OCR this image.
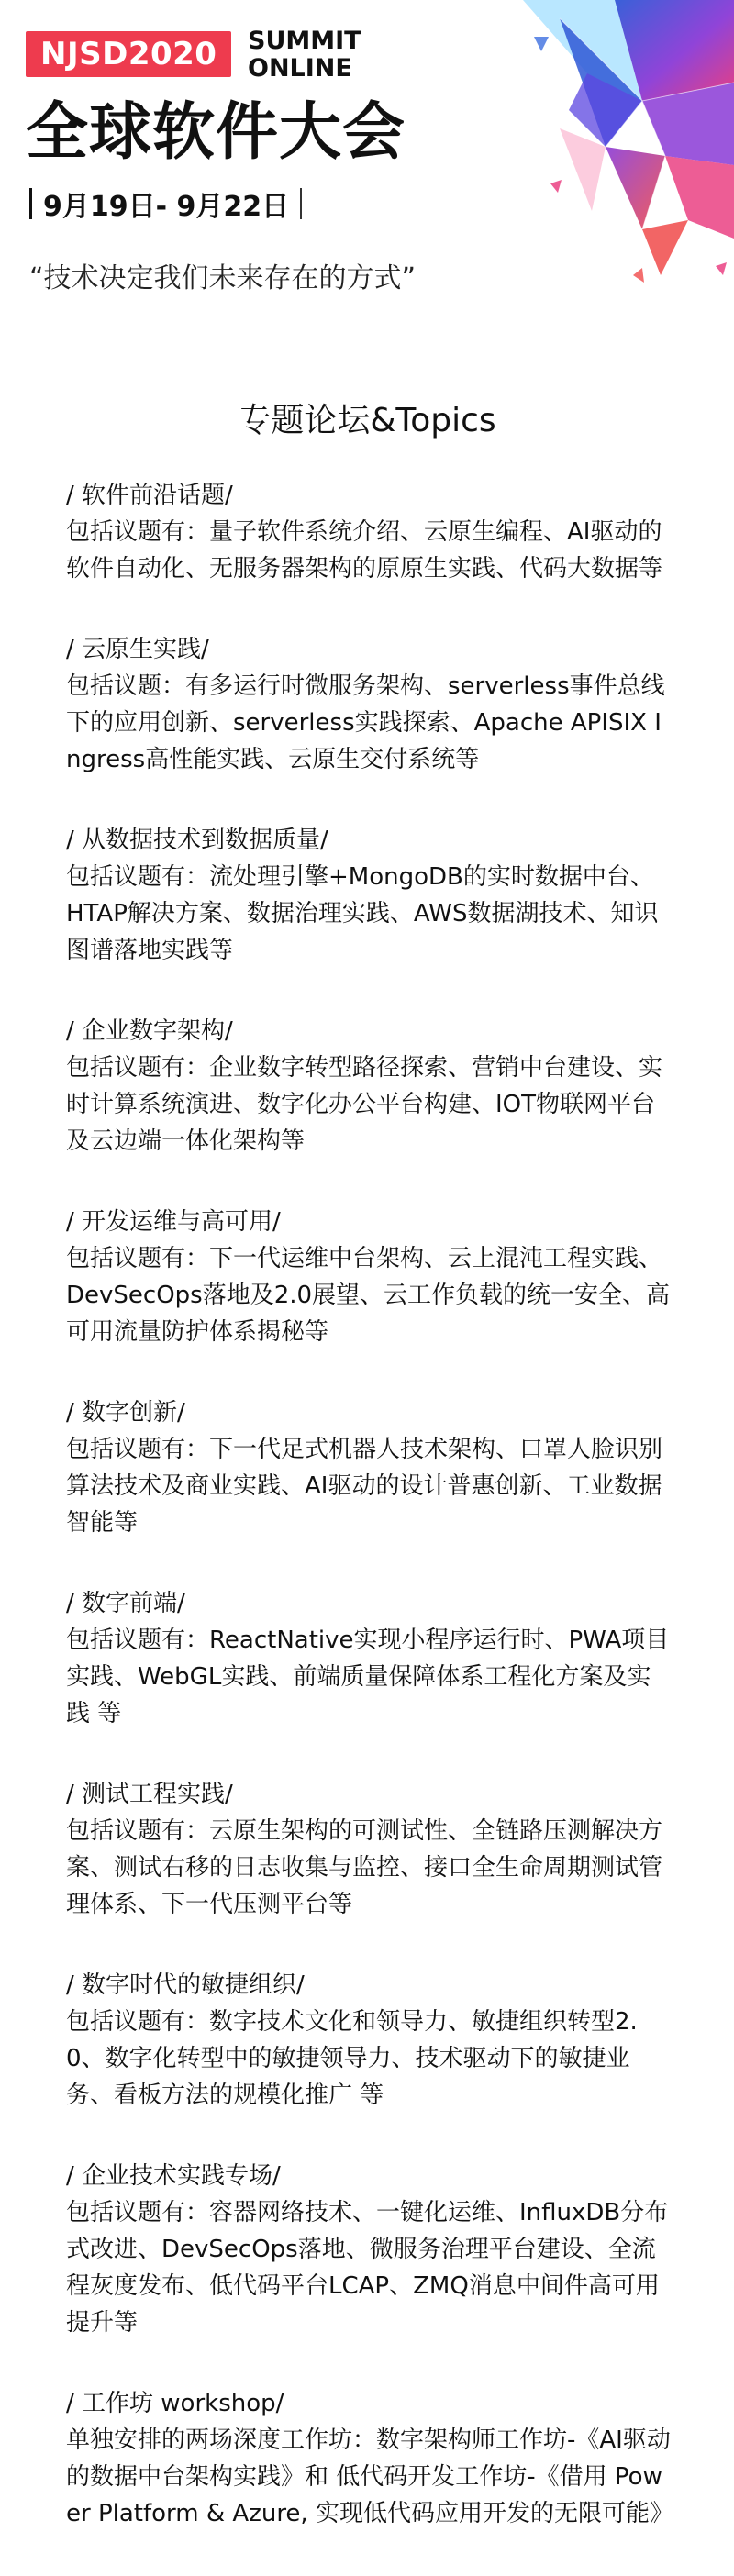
NJSD2020	SUMMIT
ONLINE
全球软件大会
9月19日- 9月22日
“技术决定我们未来存在的方式”
专题论坛&Topics

/ 软件前沿话题/

包括议题有：量子软件系统介绍、云原生编程、AI驱动的软件自动化、无服务器架构的原原生实践、代码大数据等

/ 云原生实践/

包括议题：有多运行时微服务架构、serverless事件总线下的应用创新、serverless实践探索、Apache APISIX Ingress高性能实践、云原生交付系统等

/ 从数据技术到数据质量/

包括议题有：流处理引擎+MongoDB的实时数据中台、HTAP解决方案、数据治理实践、AWS数据湖技术、知识图谱落地实践等

/ 企业数字架构/

包括议题有：企业数字转型路径探索、营销中台建设、实时计算系统演进、数字化办公平台构建、IOT物联网平台及云边端一体化架构等

/ 开发运维与高可用/

包括议题有：下一代运维中台架构、云上混沌工程实践、DevSecOps落地及2.0展望、云工作负载的统一安全、高可用流量防护体系揭秘等

/ 数字创新/

包括议题有：下一代足式机器人技术架构、口罩人脸识别算法技术及商业实践、AI驱动的设计普惠创新、工业数据智能等

/ 数字前端/

包括议题有：ReactNative实现小程序运行时、PWA项目实践、WebGL实践、前端质量保障体系工程化方案及实践 等

/ 测试工程实践/

包括议题有：云原生架构的可测试性、全链路压测解决方案、测试右移的日志收集与监控、接口全生命周期测试管理体系、下一代压测平台等

/ 数字时代的敏捷组织/

包括议题有：数字技术文化和领导力、敏捷组织转型2.0、数字化转型中的敏捷领导力、技术驱动下的敏捷业务、看板方法的规模化推广 等

/ 企业技术实践专场/

包括议题有：容器网络技术、一键化运维、InfluxDB分布式改进、DevSecOps落地、微服务治理平台建设、全流程灰度发布、低代码平台LCAP、ZMQ消息中间件高可用提升等

/ 工作坊 workshop/

单独安排的两场深度工作坊：数字架构师工作坊-《AI驱动的数据中台架构实践》和 低代码开发工作坊-《借用 Power Platform & Azure, 实现低代码应用开发的无限可能》
